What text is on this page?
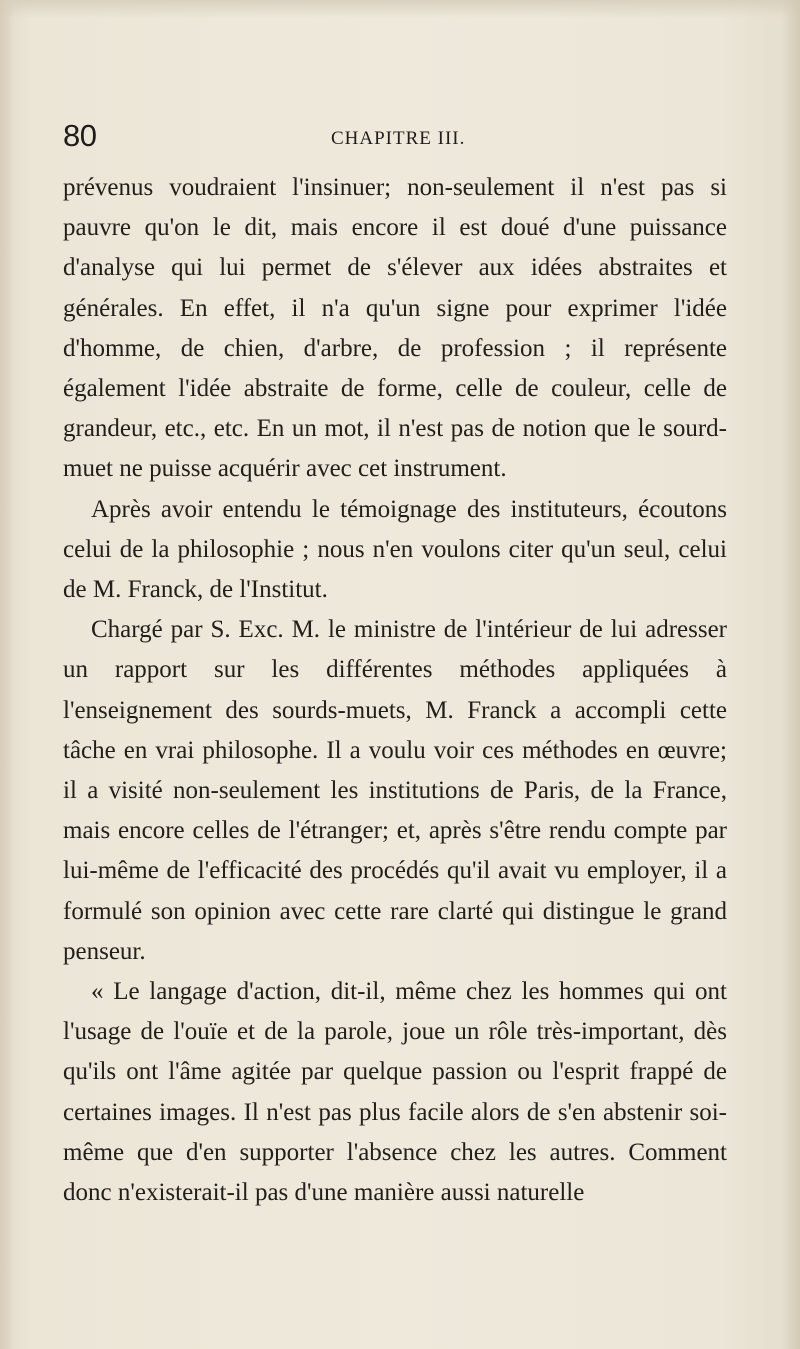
80	CHAPITRE III.

prévenus voudraient l'insinuer; non-seulement il n'est pas si pauvre qu'on le dit, mais encore il est doué d'une puissance d'analyse qui lui permet de s'élever aux idées abstraites et générales. En effet, il n'a qu'un signe pour exprimer l'idée d'homme, de chien, d'arbre, de profession ; il représente également l'idée abstraite de forme, celle de couleur, celle de grandeur, etc., etc. En un mot, il n'est pas de notion que le sourd-muet ne puisse acquérir avec cet instrument.

Après avoir entendu le témoignage des instituteurs, écoutons celui de la philosophie ; nous n'en voulons citer qu'un seul, celui de M. Franck, de l'Institut.

Chargé par S. Exc. M. le ministre de l'intérieur de lui adresser un rapport sur les différentes méthodes appliquées à l'enseignement des sourds-muets, M. Franck a accompli cette tâche en vrai philosophe. Il a voulu voir ces méthodes en œuvre; il a visité non-seulement les institutions de Paris, de la France, mais encore celles de l'étranger; et, après s'être rendu compte par lui-même de l'efficacité des procédés qu'il avait vu employer, il a formulé son opinion avec cette rare clarté qui distingue le grand penseur.

« Le langage d'action, dit-il, même chez les hommes qui ont l'usage de l'ouïe et de la parole, joue un rôle très-important, dès qu'ils ont l'âme agitée par quelque passion ou l'esprit frappé de certaines images. Il n'est pas plus facile alors de s'en abstenir soi-même que d'en supporter l'absence chez les autres. Comment donc n'existerait-il pas d'une manière aussi naturelle
